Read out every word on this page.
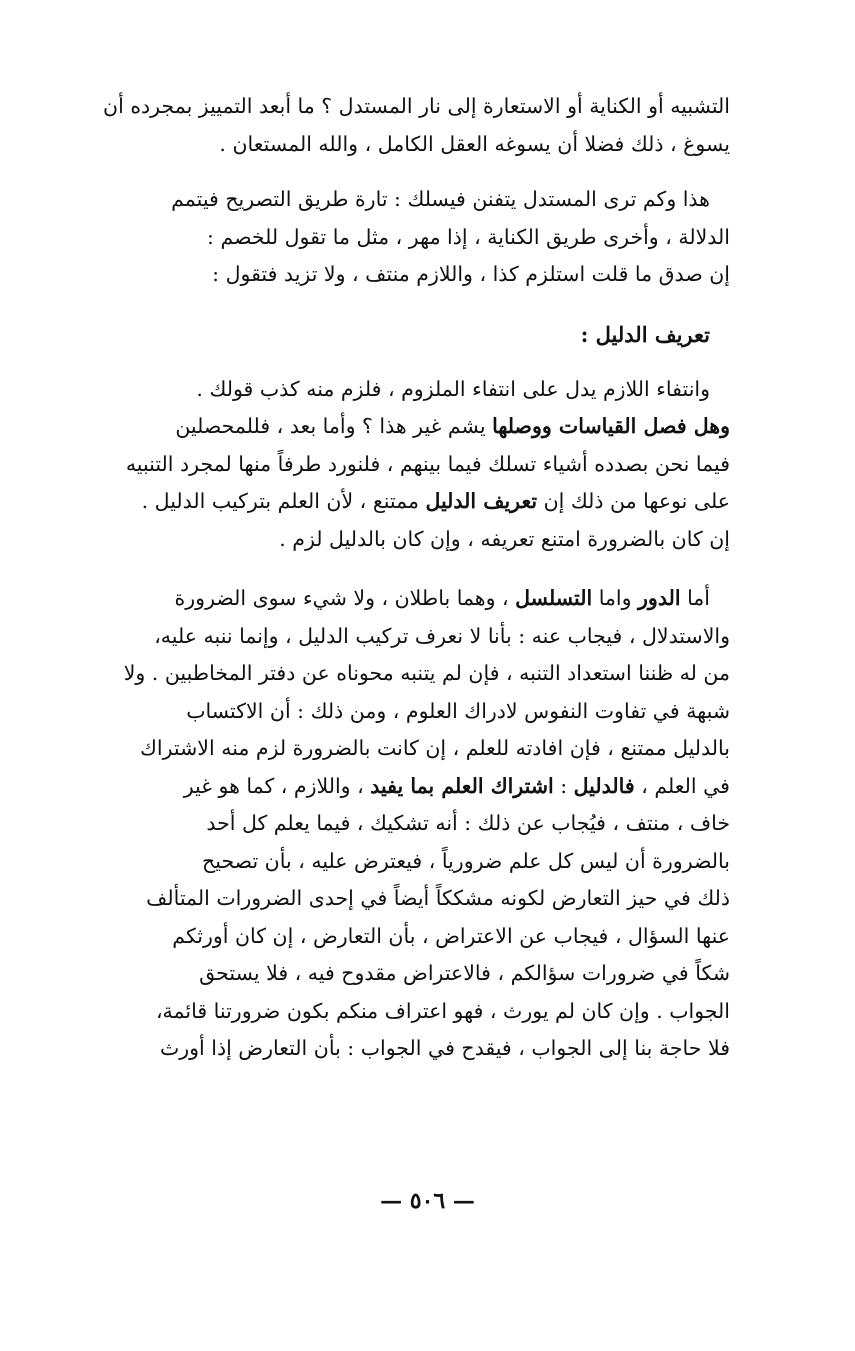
التشبيه أو الكناية أو الاستعارة إلى نار المستدل ؟ ما أبعد التمييز بمجرده أن
يسوغ ، ذلك فضلا أن يسوغه العقل الكامل ، والله المستعان .

هذا وكم ترى المستدل يتفنن فيسلك : تارة طريق التصريح فيتمم
الدلالة ، وأخرى طريق الكناية ، إذا مهر ، مثل ما تقول للخصم :
إن صدق ما قلت استلزم كذا ، واللازم منتف ، ولا تزيد فتقول :

تعريف الدليل :

وانتفاء اللازم يدل على انتفاء الملزوم ، فلزم منه كذب قولك .
وهل فصل القياسات ووصلها يشم غير هذا ؟ وأما بعد ، فللمحصلين
فيما نحن بصدده أشياء تسلك فيما بينهم ، فلنورد طرفاً منها لمجرد التنبيه
على نوعها من ذلك إن تعريف الدليل ممتنع ، لأن العلم بتركيب الدليل .
إن كان بالضرورة امتنع تعريفه ، وإن كان بالدليل لزم .

أما الدور واما التسلسل ، وهما باطلان ، ولا شيء سوى الضرورة
والاستدلال ، فيجاب عنه : بأنا لا نعرف تركيب الدليل ، وإنما ننبه عليه،
من له ظننا استعداد التنبه ، فإن لم يتنبه محوناه عن دفتر المخاطبين . ولا
شبهة في تفاوت النفوس لادراك العلوم ، ومن ذلك : أن الاكتساب
بالدليل ممتنع ، فإن افادته للعلم ، إن كانت بالضرورة لزم منه الاشتراك
في العلم ، فالدليل : اشتراك العلم بما يفيد ، واللازم ، كما هو غير
خاف ، منتف ، فيُجاب عن ذلك : أنه تشكيك ، فيما يعلم كل أحد
بالضرورة أن ليس كل علم ضرورياً ، فيعترض عليه ، بأن تصحيح
ذلك في حيز التعارض لكونه مشككاً أيضاً في إحدى الضرورات المتألف
عنها السؤال ، فيجاب عن الاعتراض ، بأن التعارض ، إن كان أورثكم
شكاً في ضرورات سؤالكم ، فالاعتراض مقدوح فيه ، فلا يستحق
الجواب . وإن كان لم يورث ، فهو اعتراف منكم بكون ضرورتنا قائمة،
فلا حاجة بنا إلى الجواب ، فيقدح في الجواب : بأن التعارض إذا أورث

— ٥٠٦ —
